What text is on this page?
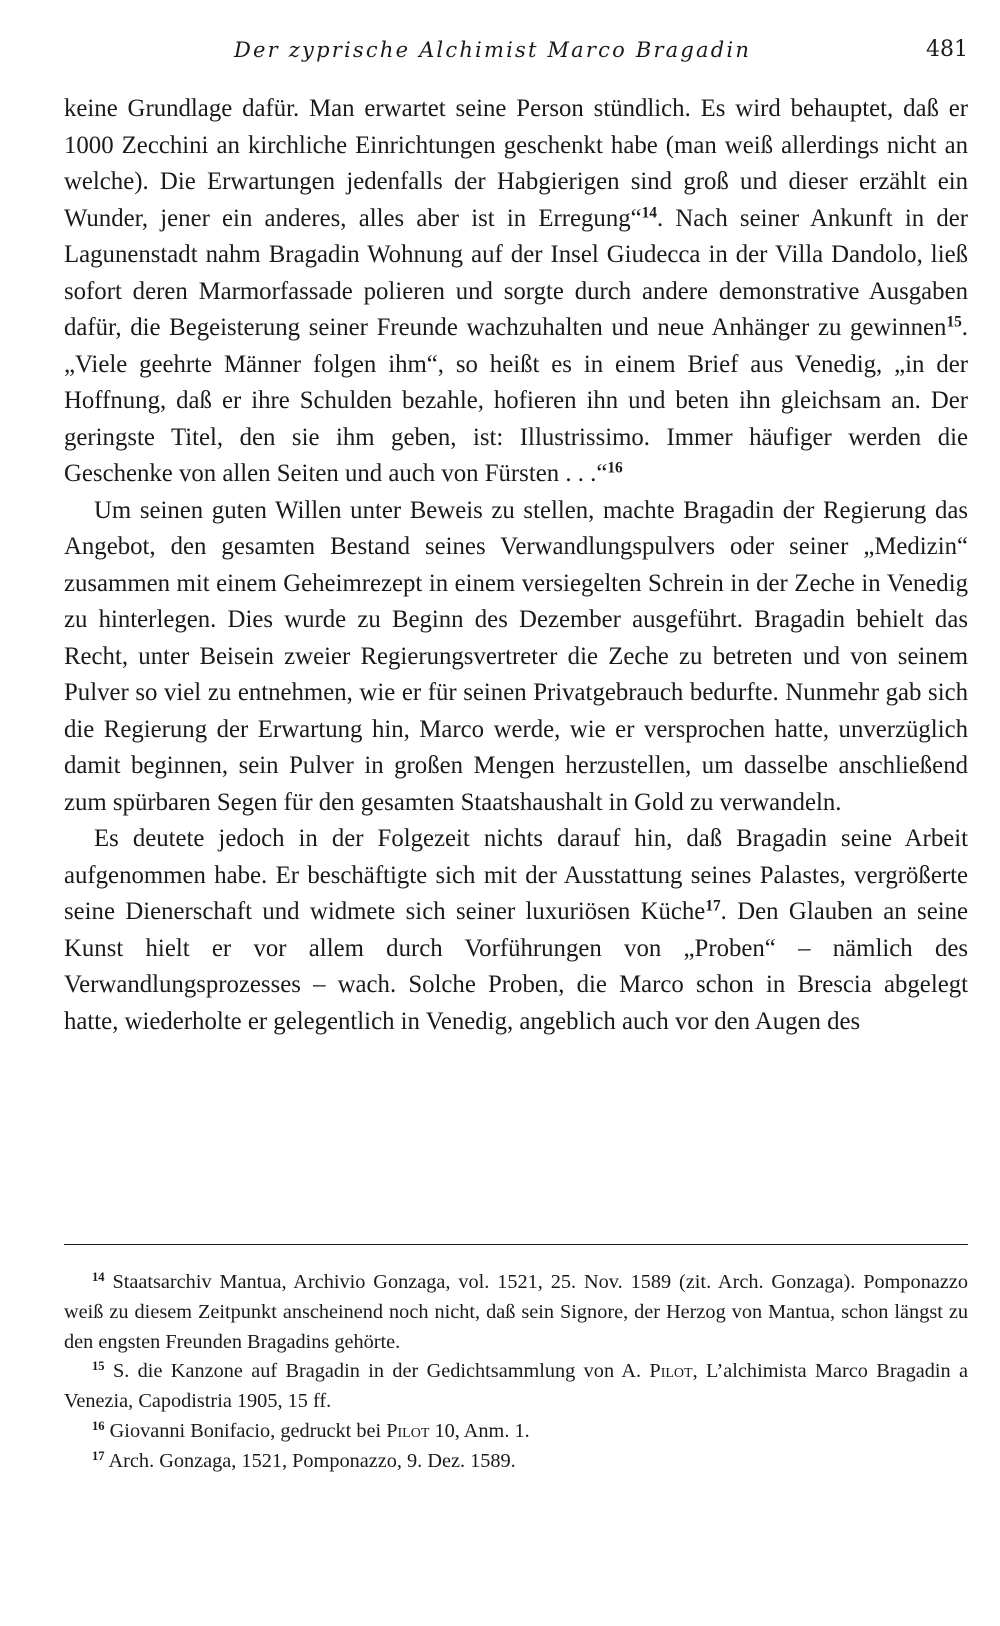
Der zyprische Alchimist Marco Bragadin	481

keine Grundlage dafür. Man erwartet seine Person stündlich. Es wird behauptet, daß er 1000 Zecchini an kirchliche Einrichtungen geschenkt habe (man weiß allerdings nicht an welche). Die Erwartungen jedenfalls der Habgierigen sind groß und dieser erzählt ein Wunder, jener ein anderes, alles aber ist in Erregung“$^{14}$. Nach seiner Ankunft in der Lagunenstadt nahm Bragadin Wohnung auf der Insel Giudecca in der Villa Dandolo, ließ sofort deren Marmorfassade polieren und sorgte durch andere demonstrative Ausgaben dafür, die Begeisterung seiner Freunde wachzuhalten und neue Anhänger zu gewinnen$^{15}$. „Viele geehrte Männer folgen ihm“, so heißt es in einem Brief aus Venedig, „in der Hoffnung, daß er ihre Schulden bezahle, hofieren ihn und beten ihn gleichsam an. Der geringste Titel, den sie ihm geben, ist: Illustrissimo. Immer häufiger werden die Geschenke von allen Seiten und auch von Fürsten . . .“$^{16}$

Um seinen guten Willen unter Beweis zu stellen, machte Bragadin der Regierung das Angebot, den gesamten Bestand seines Verwandlungspulvers oder seiner „Medizin“ zusammen mit einem Geheimrezept in einem versiegelten Schrein in der Zeche in Venedig zu hinterlegen. Dies wurde zu Beginn des Dezember ausgeführt. Bragadin behielt das Recht, unter Beisein zweier Regierungsvertreter die Zeche zu betreten und von seinem Pulver so viel zu entnehmen, wie er für seinen Privatgebrauch bedurfte. Nunmehr gab sich die Regierung der Erwartung hin, Marco werde, wie er versprochen hatte, unverzüglich damit beginnen, sein Pulver in großen Mengen herzustellen, um dasselbe anschließend zum spürbaren Segen für den gesamten Staatshaushalt in Gold zu verwandeln.

Es deutete jedoch in der Folgezeit nichts darauf hin, daß Bragadin seine Arbeit aufgenommen habe. Er beschäftigte sich mit der Ausstattung seines Palastes, vergrößerte seine Dienerschaft und widmete sich seiner luxuriösen Küche$^{17}$. Den Glauben an seine Kunst hielt er vor allem durch Vorführungen von „Proben“ – nämlich des Verwandlungsprozesses – wach. Solche Proben, die Marco schon in Brescia abgelegt hatte, wiederholte er gelegentlich in Venedig, angeblich auch vor den Augen des

$^{14}$ Staatsarchiv Mantua, Archivio Gonzaga, vol. 1521, 25. Nov. 1589 (zit. Arch. Gonzaga). Pomponazzo weiß zu diesem Zeitpunkt anscheinend noch nicht, daß sein Signore, der Herzog von Mantua, schon längst zu den engsten Freunden Bragadins gehörte.

$^{15}$ S. die Kanzone auf Bragadin in der Gedichtsammlung von A. Pilot, L’alchimista Marco Bragadin a Venezia, Capodistria 1905, 15 ff.

$^{16}$ Giovanni Bonifacio, gedruckt bei Pilot 10, Anm. 1.

$^{17}$ Arch. Gonzaga, 1521, Pomponazzo, 9. Dez. 1589.
